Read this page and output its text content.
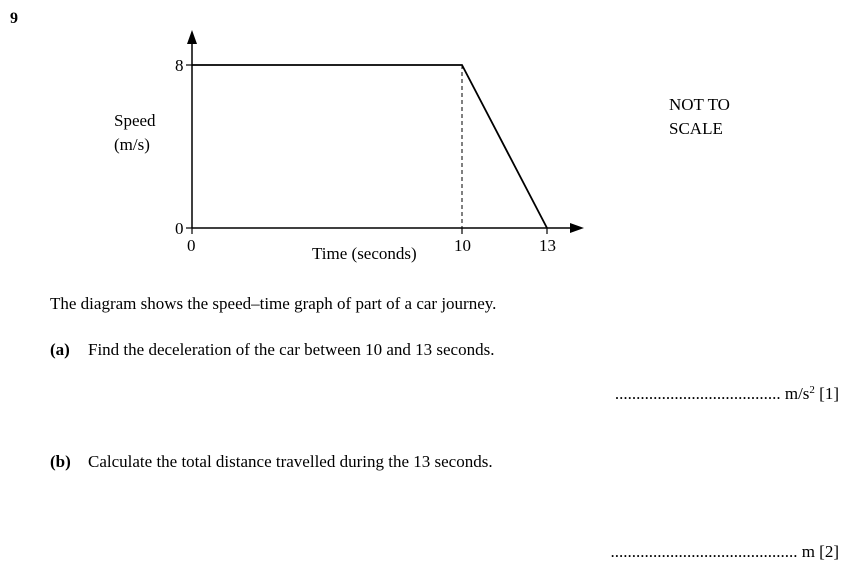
9
8
0
0	10	13
Time (seconds)
Speed
(m/s)
NOT TO
SCALE
The diagram shows the speed–time graph of part of a car journey.
(a) Find the deceleration of the car between 10 and 13 seconds.
....................................... $m/s^2$ [1]
(b) Calculate the total distance travelled during the 13 seconds.
............................................ m [2]
